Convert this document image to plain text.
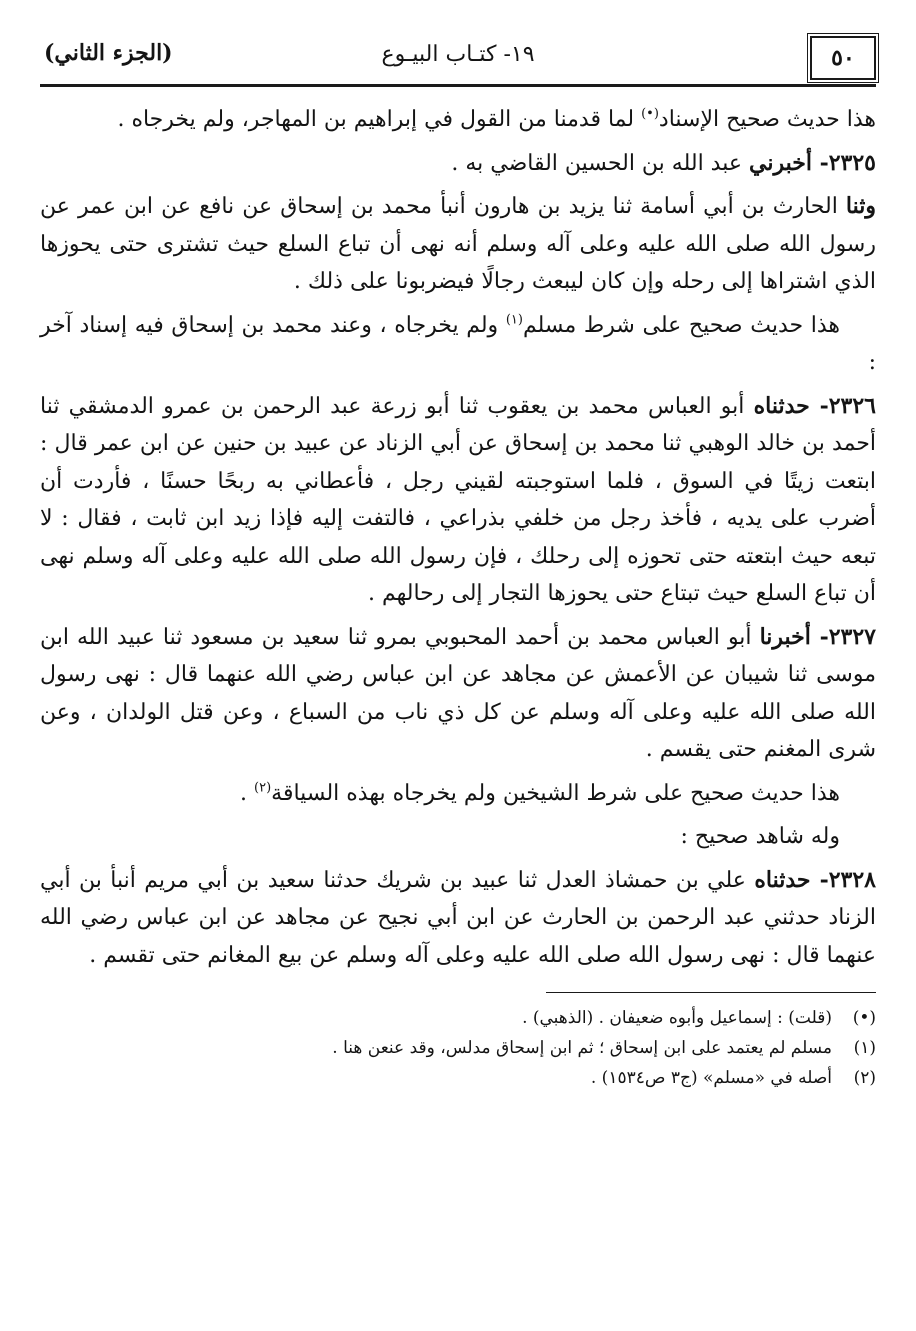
٥٠
١٩- كتـاب البيـوع
(الجزء الثاني)

هذا حديث صحيح الإسناد(•) لما قدمنا من القول في إبراهيم بن المهاجر، ولم يخرجاه .

٢٣٢٥- أخبرني عبد الله بن الحسين القاضي به .

وثنا الحارث بن أبي أسامة ثنا يزيد بن هارون أنبأ محمد بن إسحاق عن نافع عن ابن عمر عن رسول الله صلى الله عليه وعلى آله وسلم أنه نهى أن تباع السلع حيث تشترى حتى يحوزها الذي اشتراها إلى رحله وإن كان ليبعث رجالًا فيضربونا على ذلك .

هذا حديث صحيح على شرط مسلم$^{(١)}$ ولم يخرجاه ، وعند محمد بن إسحاق فيه إسناد آخر :

٢٣٢٦- حدثناه أبو العباس محمد بن يعقوب ثنا أبو زرعة عبد الرحمن بن عمرو الدمشقي ثنا أحمد بن خالد الوهبي ثنا محمد بن إسحاق عن أبي الزناد عن عبيد بن حنين عن ابن عمر قال : ابتعت زيتًا في السوق ، فلما استوجبته لقيني رجل ، فأعطاني به ربحًا حسنًا ، فأردت أن أضرب على يديه ، فأخذ رجل من خلفي بذراعي ، فالتفت إليه فإذا زيد ابن ثابت ، فقال : لا تبعه حيث ابتعته حتى تحوزه إلى رحلك ، فإن رسول الله صلى الله عليه وعلى آله وسلم نهى أن تباع السلع حيث تبتاع حتى يحوزها التجار إلى رحالهم .

٢٣٢٧- أخبرنا أبو العباس محمد بن أحمد المحبوبي بمرو ثنا سعيد بن مسعود ثنا عبيد الله ابن موسى ثنا شيبان عن الأعمش عن مجاهد عن ابن عباس رضي الله عنهما قال : نهى رسول الله صلى الله عليه وعلى آله وسلم عن كل ذي ناب من السباع ، وعن قتل الولدان ، وعن شرى المغنم حتى يقسم .

هذا حديث صحيح على شرط الشيخين ولم يخرجاه بهذه السياقة$^{(٢)}$ .

وله شاهد صحيح :

٢٣٢٨- حدثناه علي بن حمشاذ العدل ثنا عبيد بن شريك حدثنا سعيد بن أبي مريم أنبأ بن أبي الزناد حدثني عبد الرحمن بن الحارث عن ابن أبي نجيح عن مجاهد عن ابن عباس رضي الله عنهما قال : نهى رسول الله صلى الله عليه وعلى آله وسلم عن بيع المغانم حتى تقسم .

(•)(قلت) : إسماعيل وأبوه ضعيفان . (الذهبي) .

(١)مسلم لم يعتمد على ابن إسحاق ؛ ثم ابن إسحاق مدلس، وقد عنعن هنا .

(٢)أصله في «مسلم» (ج٣ ص١٥٣٤) .
